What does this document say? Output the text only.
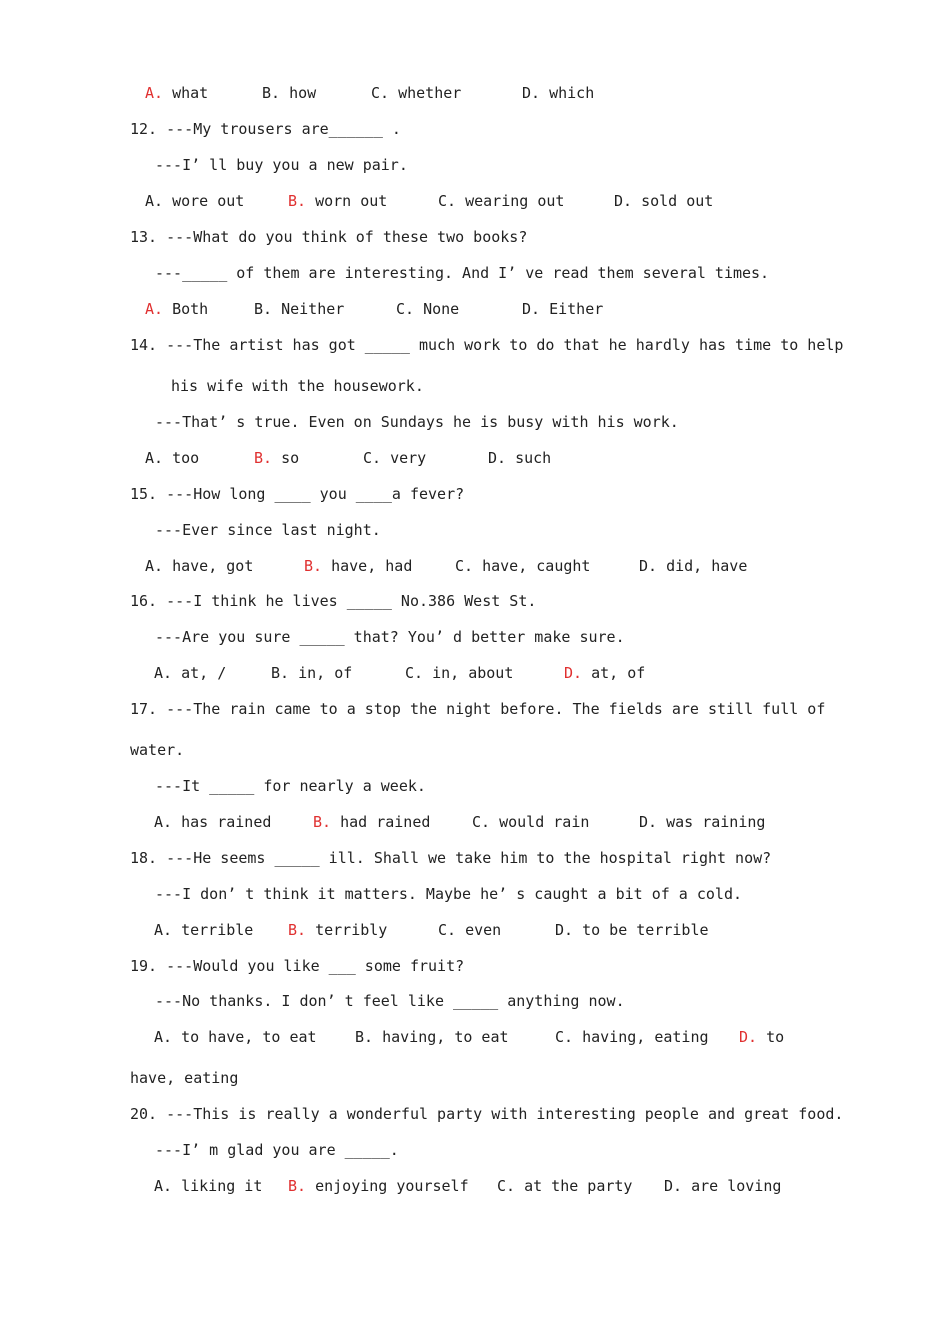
A. what	B. how	C. whether	D. which
12. ---My trousers are______ .
---I’ ll buy you a new pair.
A. wore out	B. worn out	C. wearing out	D. sold out
13. ---What do you think of these two books?
---_____ of them are interesting. And I’ ve read them several times.
A. Both	B. Neither	C. None	D. Either
14. ---The artist has got _____ much work to do that he hardly has time to help
his wife with the housework.
---That’ s true. Even on Sundays he is busy with his work.
A. too	B. so	C. very	D. such
15. ---How long ____ you ____a fever?
---Ever since last night.
A. have, got	B. have, had	C. have, caught	D. did, have
16. ---I think he lives _____ No.386 West St.
---Are you sure _____ that? You’ d better make sure.
A. at, /	B. in, of	C. in, about	D. at, of
17. ---The rain came to a stop the night before. The fields are still full of
water.
---It _____ for nearly a week.
A. has rained	B. had rained	C. would rain	D. was raining
18. ---He seems _____ ill. Shall we take him to the hospital right now?
---I don’ t think it matters. Maybe he’ s caught a bit of a cold.
A. terrible B. terribly	C. even	D. to be terrible
19. ---Would you like ___ some fruit?
---No thanks. I don’ t feel like _____ anything now.
A. to have, to eat	B. having, to eat	C. having, eating D. to
have, eating
20. ---This is really a wonderful party with interesting people and great food.
---I’ m glad you are _____.
A. liking it B. enjoying yourself C. at the party D. are loving
